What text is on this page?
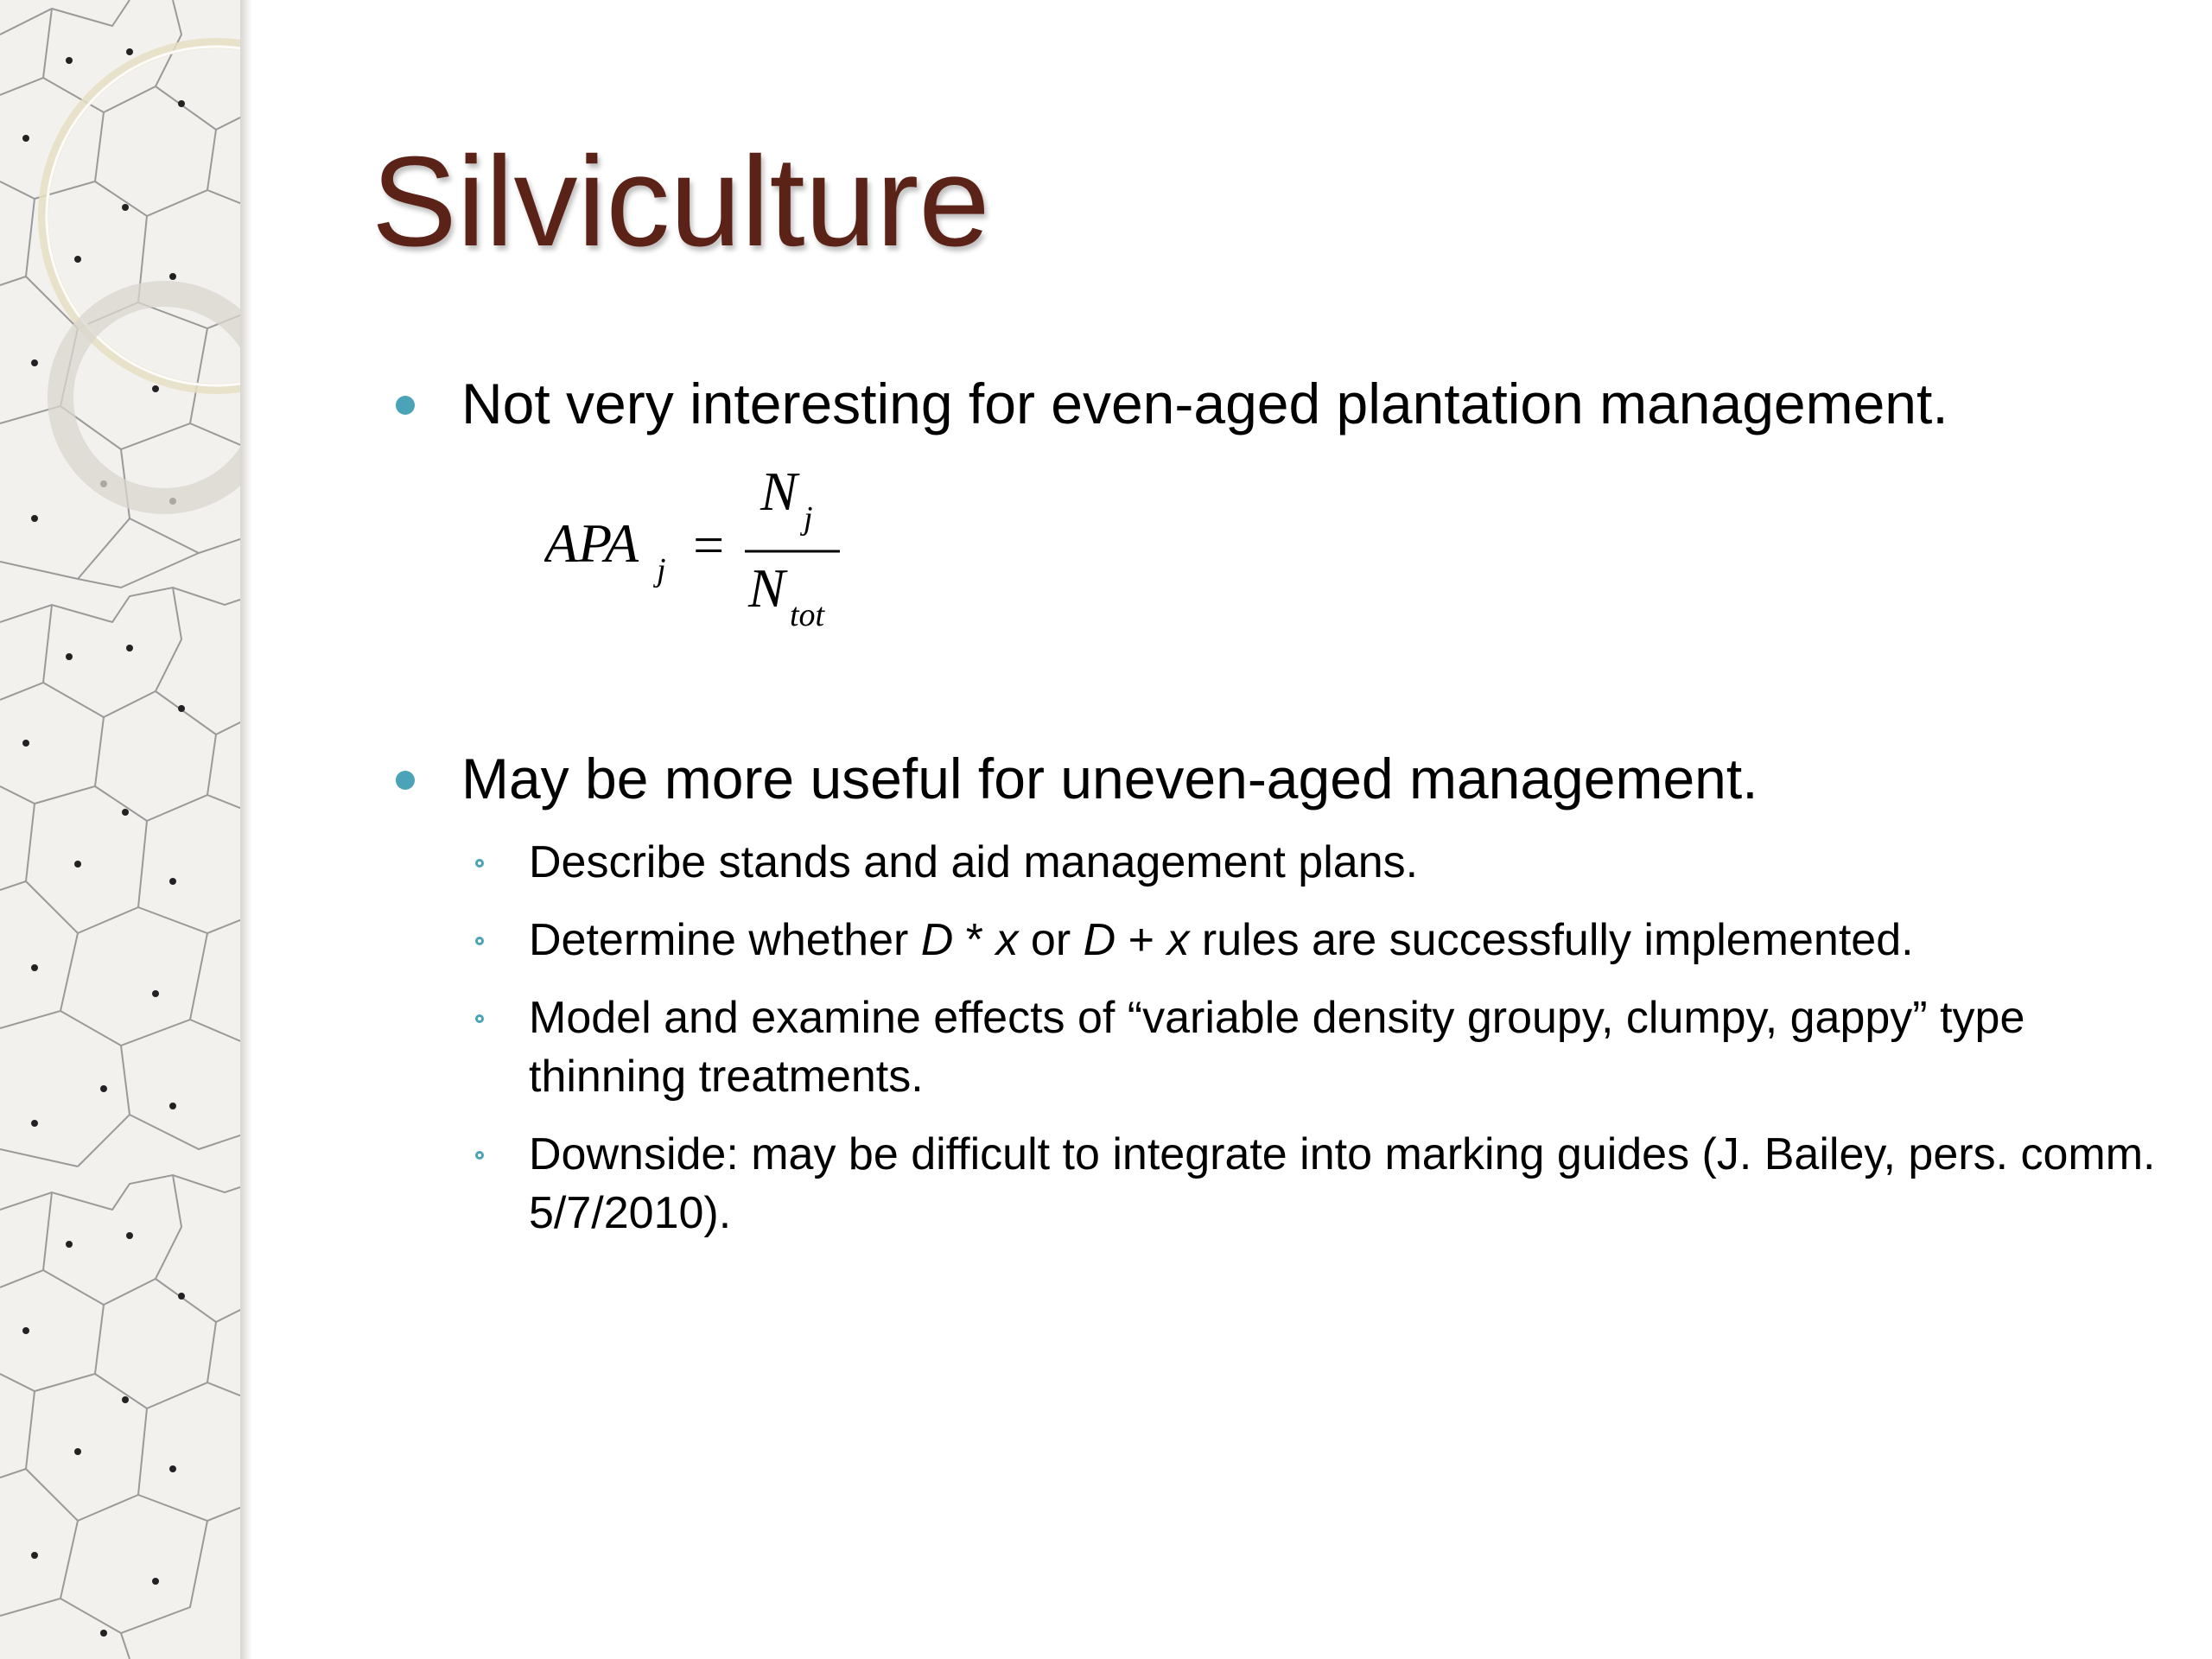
Silviculture
Not very interesting for even-aged plantation management.
APA j =
N j
N tot
May be more useful for uneven-aged management.
Describe stands and aid management plans.
Determine whether D * x or D + x rules are successfully implemented.
Model and examine effects of “variable density groupy, clumpy, gappy” type thinning treatments.
Downside: may be difficult to integrate into marking guides (J. Bailey, pers. comm. 5/7/2010).
